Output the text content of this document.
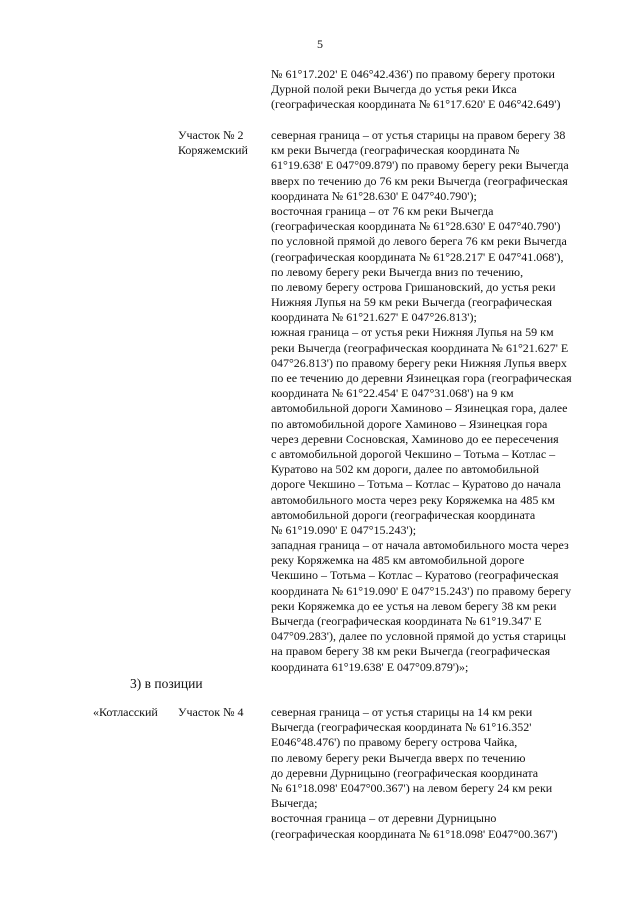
5
№ 61°17.202' E 046°42.436') по правому берегу протоки
Дурной полой реки Вычегда до устья реки Икса
(географическая координата № 61°17.620' E 046°42.649')
Участок № 2
Коряжемский
северная граница – от устья старицы на правом берегу 38
км реки Вычегда (географическая координата №
61°19.638' E 047°09.879') по правому берегу реки Вычегда
вверх по течению до 76 км реки Вычегда (географическая
координата № 61°28.630' E 047°40.790');
восточная граница – от 76 км реки Вычегда
(географическая координата № 61°28.630' E 047°40.790')
по условной прямой до левого берега 76 км реки Вычегда
(географическая координата № 61°28.217' E 047°41.068'),
по левому берегу реки Вычегда вниз по течению,
по левому берегу острова Гришановский, до устья реки
Нижняя Лупья на 59 км реки Вычегда (географическая
координата № 61°21.627' E 047°26.813');
южная граница – от устья реки Нижняя Лупья на 59 км
реки Вычегда (географическая координата № 61°21.627' E
047°26.813') по правому берегу реки Нижняя Лупья вверх
по ее течению до деревни Язинецкая гора (географическая
координата № 61°22.454' E 047°31.068') на 9 км
автомобильной дороги Хаминово – Язинецкая гора, далее
по автомобильной дороге Хаминово – Язинецкая гора
через деревни Сосновская, Хаминово до ее пересечения
с автомобильной дорогой Чекшино – Тотьма – Котлас –
Куратово на 502 км дороги, далее по автомобильной
дороге Чекшино – Тотьма – Котлас – Куратово до начала
автомобильного моста через реку Коряжемка на 485 км
автомобильной дороги (географическая координата
№ 61°19.090' E 047°15.243');
западная граница – от начала автомобильного моста через
реку Коряжемка на 485 км автомобильной дороге
Чекшино – Тотьма – Котлас – Куратово (географическая
координата № 61°19.090' E 047°15.243') по правому берегу
реки Коряжемка до ее устья на левом берегу 38 км реки
Вычегда (географическая координата № 61°19.347' E
047°09.283'), далее по условной прямой до устья старицы
на правом берегу 38 км реки Вычегда (географическая
координата 61°19.638' E 047°09.879')»;
3) в позиции
«Котласский Участок № 4 северная граница – от устья старицы на 14 км реки
Вычегда (географическая координата № 61°16.352'
E046°48.476') по правому берегу острова Чайка,
по левому берегу реки Вычегда вверх по течению
до деревни Дурницыно (географическая координата
№ 61°18.098' E047°00.367') на левом берегу 24 км реки
Вычегда;
восточная граница – от деревни Дурницыно
(географическая координата № 61°18.098' E047°00.367')
